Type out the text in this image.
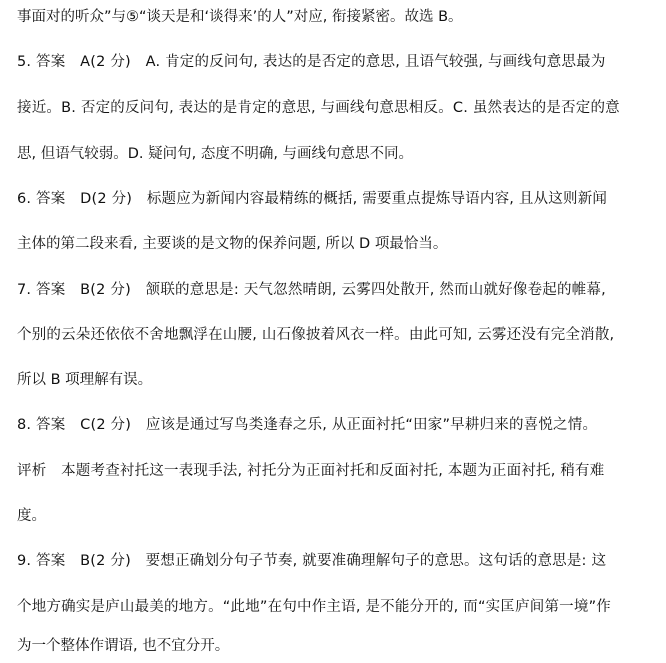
事面对的听众”与⑤“谈天是和‘谈得来’的人”对应, 衔接紧密。故选 B。
5. 答案　A(2 分)　A. 肯定的反问句, 表达的是否定的意思, 且语气较强, 与画线句意思最为
接近。B. 否定的反问句, 表达的是肯定的意思, 与画线句意思相反。C. 虽然表达的是否定的意
思, 但语气较弱。D. 疑问句, 态度不明确, 与画线句意思不同。
6. 答案　D(2 分)　标题应为新闻内容最精练的概括, 需要重点提炼导语内容, 且从这则新闻
主体的第二段来看, 主要谈的是文物的保养问题, 所以 D 项最恰当。
7. 答案　B(2 分)　颔联的意思是: 天气忽然晴朗, 云雾四处散开, 然而山就好像卷起的帷幕,
个别的云朵还依依不舍地飘浮在山腰, 山石像披着风衣一样。由此可知, 云雾还没有完全消散,
所以 B 项理解有误。
8. 答案　C(2 分)　应该是通过写鸟类逢春之乐, 从正面衬托“田家”早耕归来的喜悦之情。
评析　本题考查衬托这一表现手法, 衬托分为正面衬托和反面衬托, 本题为正面衬托, 稍有难
度。
9. 答案　B(2 分)　要想正确划分句子节奏, 就要准确理解句子的意思。这句话的意思是: 这
个地方确实是庐山最美的地方。“此地”在句中作主语, 是不能分开的, 而“实匡庐间第一境”作
为一个整体作谓语, 也不宜分开。
